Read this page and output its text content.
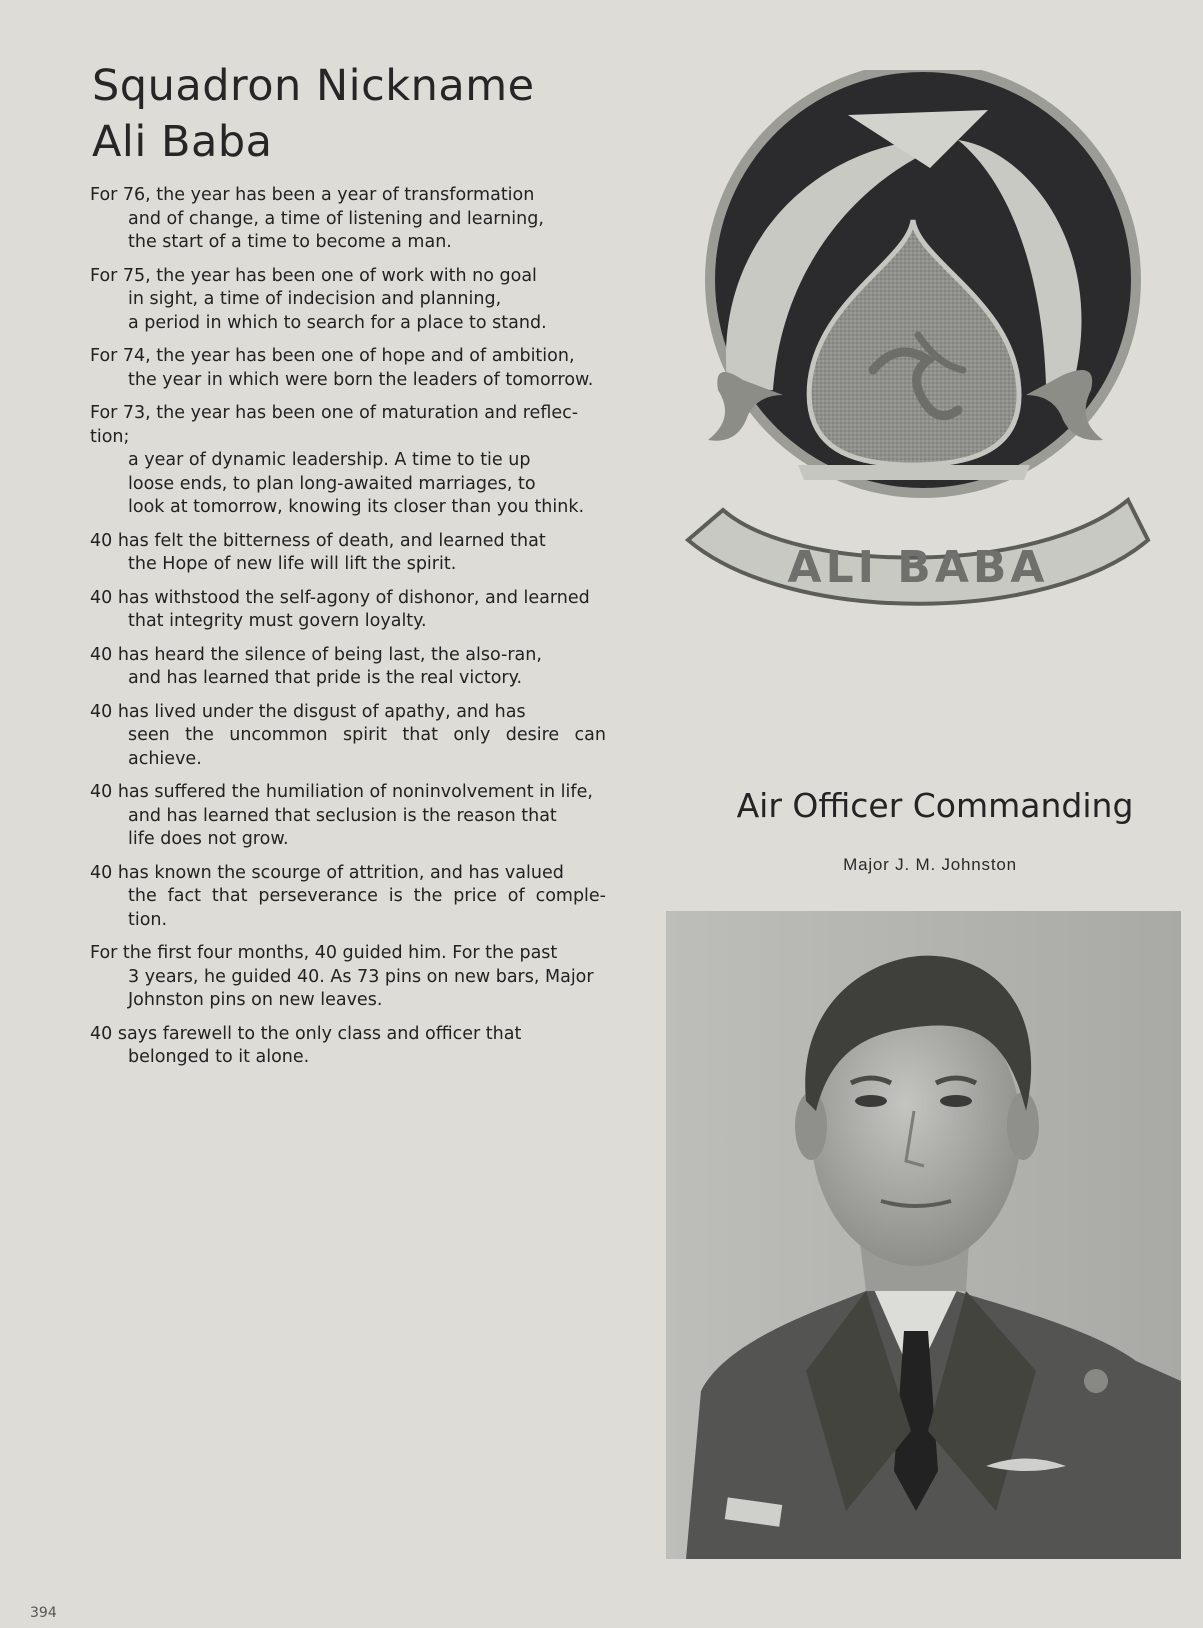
Squadron Nickname
Ali Baba
For 76, the year has been a year of transformation
and of change, a time of listening and learning,
the start of a time to become a man.
For 75, the year has been one of work with no goal
in sight, a time of indecision and planning,
a period in which to search for a place to stand.
For 74, the year has been one of hope and of ambition,
the year in which were born the leaders of tomorrow.
For 73, the year has been one of maturation and reflec-
tion;
a year of dynamic leadership. A time to tie up
loose ends, to plan long-awaited marriages, to
look at tomorrow, knowing its closer than you think.
40 has felt the bitterness of death, and learned that
the Hope of new life will lift the spirit.
40 has withstood the self-agony of dishonor, and learned
that integrity must govern loyalty.
40 has heard the silence of being last, the also-ran,
and has learned that pride is the real victory.
40 has lived under the disgust of apathy, and has
seen the uncommon spirit that only desire can
achieve.
40 has suffered the humiliation of noninvolvement in life,
and has learned that seclusion is the reason that
life does not grow.
40 has known the scourge of attrition, and has valued
the fact that perseverance is the price of comple-
tion.
For the first four months, 40 guided him. For the past
3 years, he guided 40. As 73 pins on new bars, Major
Johnston pins on new leaves.
40 says farewell to the only class and officer that
belonged to it alone.
ALI BABA
Air Officer Commanding
Major J. M. Johnston
394
